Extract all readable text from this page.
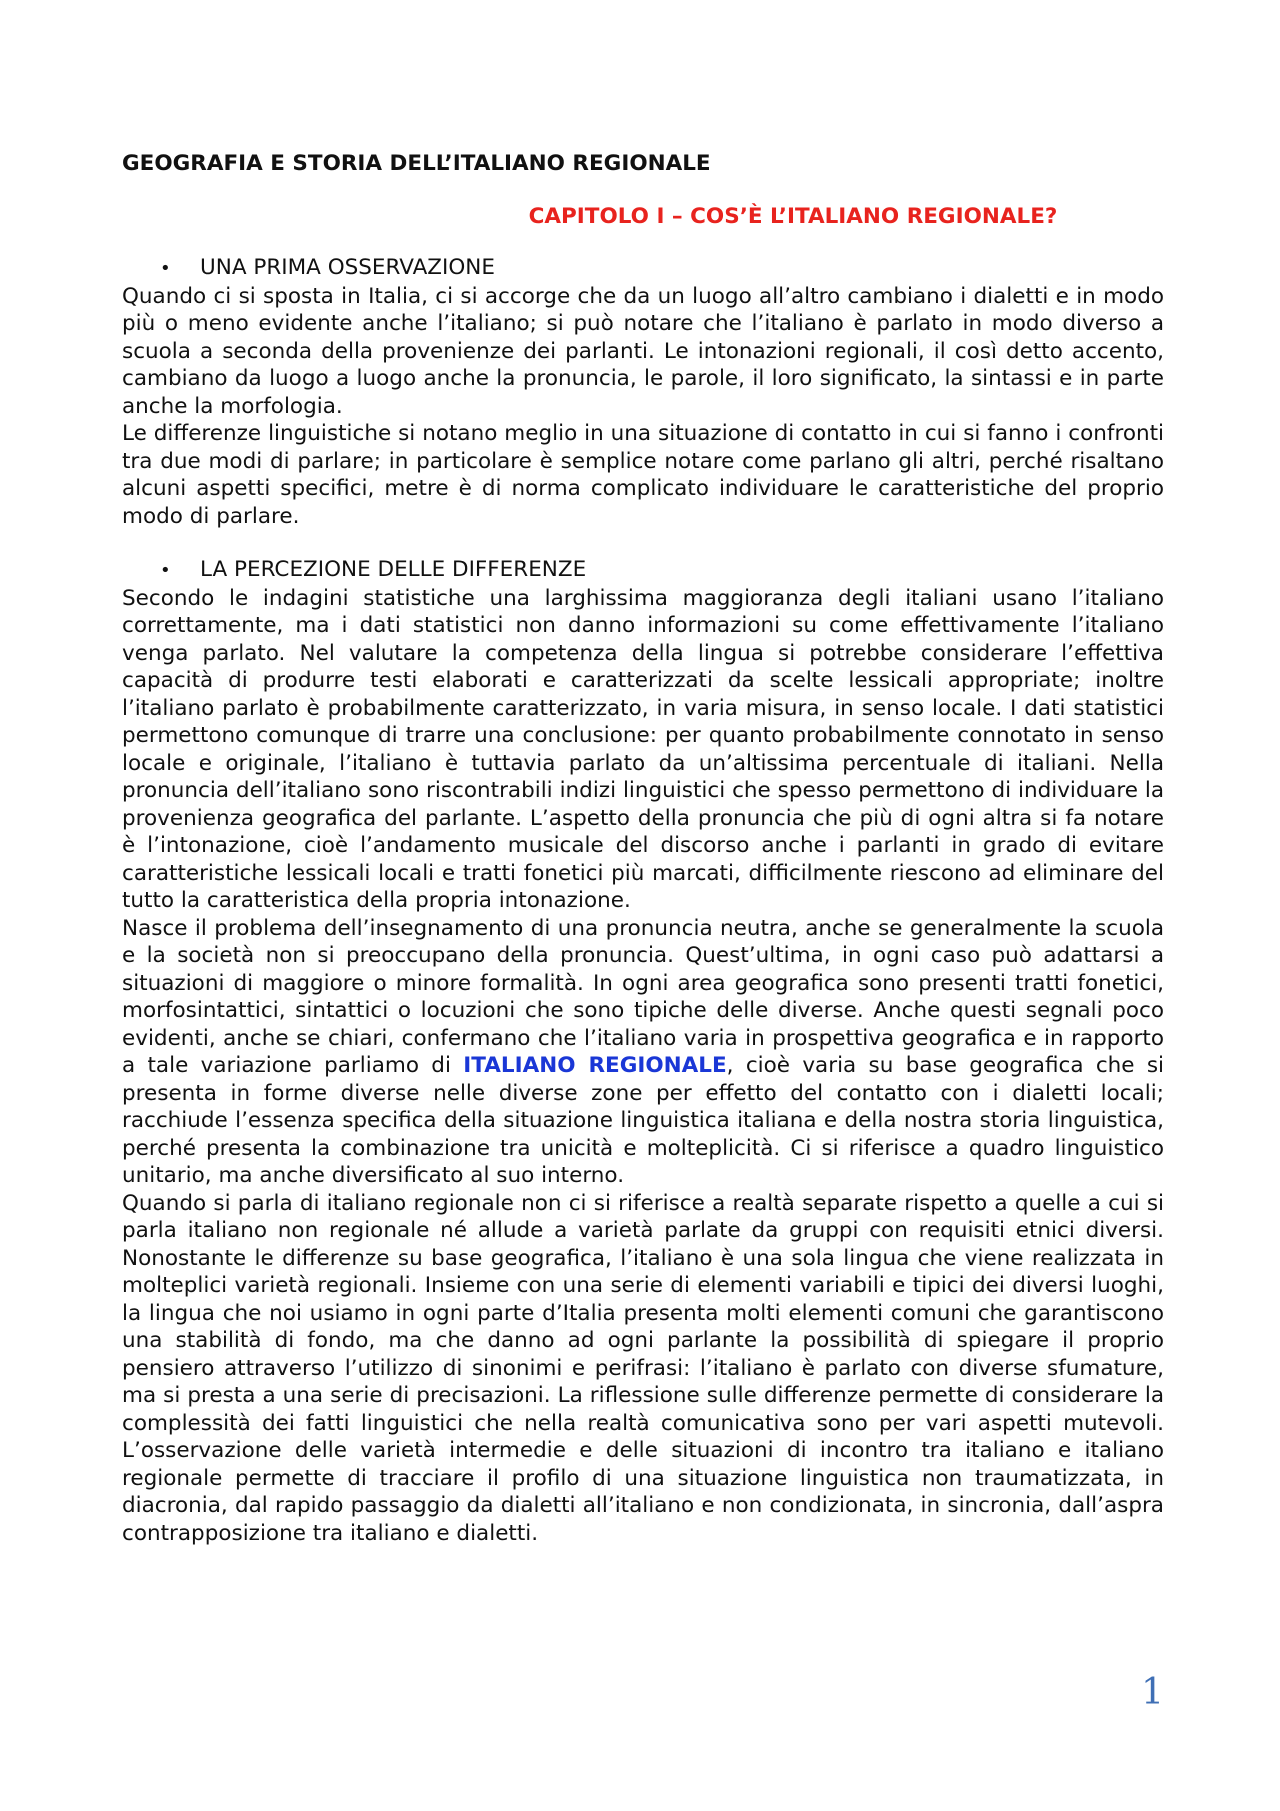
GEOGRAFIA E STORIA DELL’ITALIANO REGIONALE
CAPITOLO I – COS’È L’ITALIANO REGIONALE?
•	UNA PRIMA OSSERVAZIONE

Quando ci si sposta in Italia, ci si accorge che da un luogo all’altro cambiano i dialetti e in modo più o meno evidente anche l’italiano; si può notare che l’italiano è parlato in modo diverso a scuola a seconda della provenienze dei parlanti. Le intonazioni regionali, il così detto accento, cambiano da luogo a luogo anche la pronuncia, le parole, il loro significato, la sintassi e in parte anche la morfologia.

Le differenze linguistiche si notano meglio in una situazione di contatto in cui si fanno i confronti tra due modi di parlare; in particolare è semplice notare come parlano gli altri, perché risaltano alcuni aspetti specifici, metre è di norma complicato individuare le caratteristiche del proprio modo di parlare.

•	LA PERCEZIONE DELLE DIFFERENZE

Secondo le indagini statistiche una larghissima maggioranza degli italiani usano l’italiano correttamente, ma i dati statistici non danno informazioni su come effettivamente l’italiano venga parlato. Nel valutare la competenza della lingua si potrebbe considerare l’effettiva capacità di produrre testi elaborati e caratterizzati da scelte lessicali appropriate; inoltre l’italiano parlato è probabilmente caratterizzato, in varia misura, in senso locale. I dati statistici permettono comunque di trarre una conclusione: per quanto probabilmente connotato in senso locale e originale, l’italiano è tuttavia parlato da un’altissima percentuale di italiani. Nella pronuncia dell’italiano sono riscontrabili indizi linguistici che spesso permettono di individuare la provenienza geografica del parlante. L’aspetto della pronuncia che più di ogni altra si fa notare è l’intonazione, cioè l’andamento musicale del discorso anche i parlanti in grado di evitare caratteristiche lessicali locali e tratti fonetici più marcati, difficilmente riescono ad eliminare del tutto la caratteristica della propria intonazione.

Nasce il problema dell’insegnamento di una pronuncia neutra, anche se generalmente la scuola e la società non si preoccupano della pronuncia. Quest’ultima, in ogni caso può adattarsi a situazioni di maggiore o minore formalità. In ogni area geografica sono presenti tratti fonetici, morfosintattici, sintattici o locuzioni che sono tipiche delle diverse. Anche questi segnali poco evidenti, anche se chiari, confermano che l’italiano varia in prospettiva geografica e in rapporto a tale variazione parliamo di ITALIANO REGIONALE, cioè varia su base geografica che si presenta in forme diverse nelle diverse zone per effetto del contatto con i dialetti locali; racchiude l’essenza specifica della situazione linguistica italiana e della nostra storia linguistica, perché presenta la combinazione tra unicità e molteplicità. Ci si riferisce a quadro linguistico unitario, ma anche diversificato al suo interno.

Quando si parla di italiano regionale non ci si riferisce a realtà separate rispetto a quelle a cui si parla italiano non regionale né allude a varietà parlate da gruppi con requisiti etnici diversi. Nonostante le differenze su base geografica, l’italiano è una sola lingua che viene realizzata in molteplici varietà regionali. Insieme con una serie di elementi variabili e tipici dei diversi luoghi, la lingua che noi usiamo in ogni parte d’Italia presenta molti elementi comuni che garantiscono una stabilità di fondo, ma che danno ad ogni parlante la possibilità di spiegare il proprio pensiero attraverso l’utilizzo di sinonimi e perifrasi: l’italiano è parlato con diverse sfumature, ma si presta a una serie di precisazioni. La riflessione sulle differenze permette di considerare la complessità dei fatti linguistici che nella realtà comunicativa sono per vari aspetti mutevoli. L’osservazione delle varietà intermedie e delle situazioni di incontro tra italiano e italiano regionale permette di tracciare il profilo di una situazione linguistica non traumatizzata, in diacronia, dal rapido passaggio da dialetti all’italiano e non condizionata, in sincronia, dall’aspra contrapposizione tra italiano e dialetti.

1
